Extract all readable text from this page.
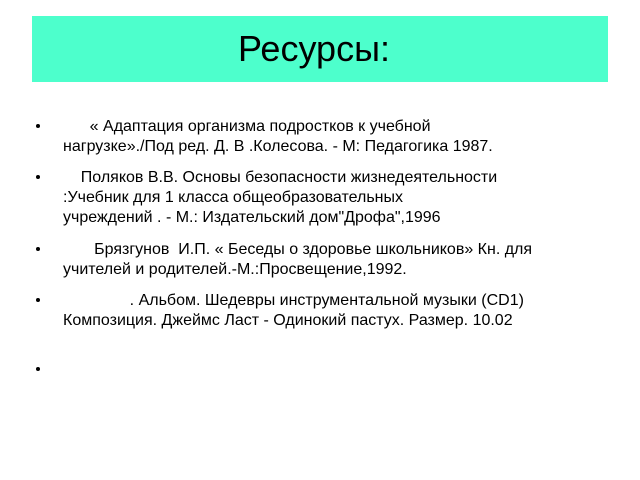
Ресурсы:
« Адаптация организма подростков к учебной
нагрузке»./Под ред. Д. В .Колесова. - М: Педагогика 1987.
Поляков В.В. Основы безопасности жизнедеятельности
:Учебник для 1 класса общеобразовательных
учреждений . - М.: Издательский дом"Дрофа",1996
Брязгунов  И.П. « Беседы о здоровье школьников» Кн. для
учителей и родителей.-М.:Просвещение,1992.
. Альбом. Шедевры инструментальной музыки (CD1)
Композиция. Джеймс Ласт - Одинокий пастух. Размер. 10.02
